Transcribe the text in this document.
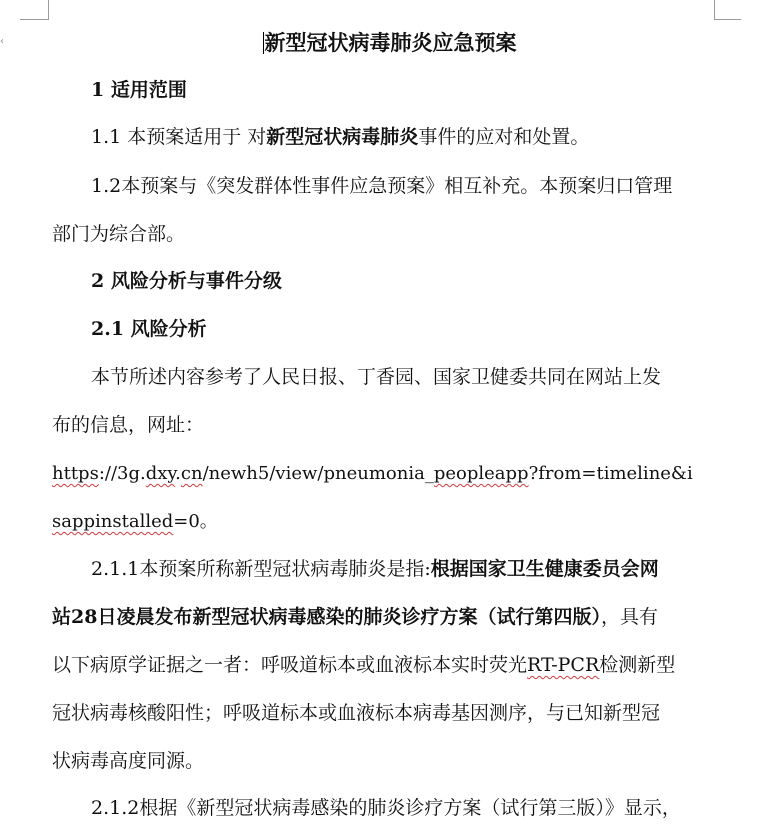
‹	新型冠状病毒肺炎应急预案
1 适用范围
1.1 本预案适用于 对新型冠状病毒肺炎事件的应对和处置。
1.2本预案与《突发群体性事件应急预案》相互补充。本预案归口管理
部门为综合部。
2 风险分析与事件分级
2.1 风险分析
本节所述内容参考了人民日报、丁香园、国家卫健委共同在网站上发
布的信息，网址：
https://3g.dxy.cn/newh5/view/pneumonia_peopleapp?from=timeline&i
sappinstalled=0。
2.1.1本预案所称新型冠状病毒肺炎是指:根据国家卫生健康委员会网
站28日凌晨发布新型冠状病毒感染的肺炎诊疗方案（试行第四版），具有
以下病原学证据之一者：呼吸道标本或血液标本实时荧光RT-PCR检测新型
冠状病毒核酸阳性；呼吸道标本或血液标本病毒基因测序，与已知新型冠
状病毒高度同源。
2.1.2根据《新型冠状病毒感染的肺炎诊疗方案（试行第三版）》显示，
